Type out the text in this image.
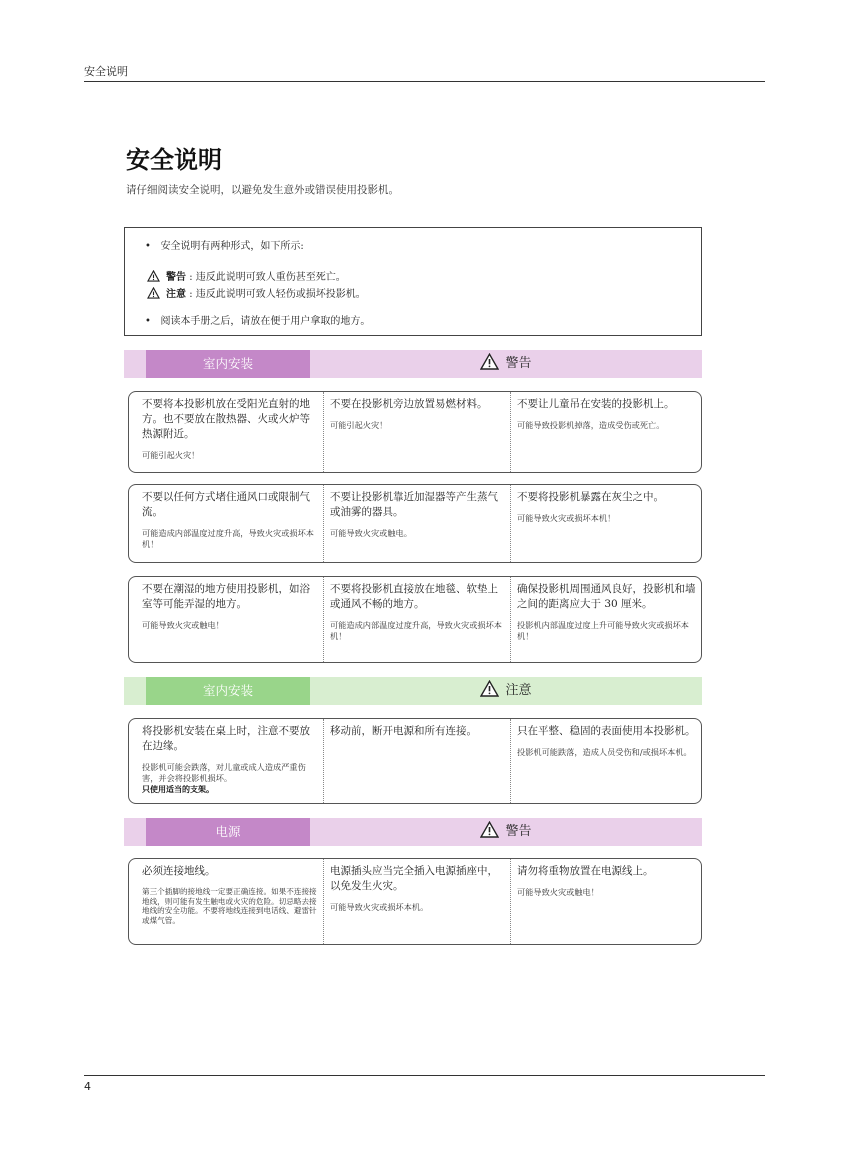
安全说明
安全说明
请仔细阅读安全说明，以避免发生意外或错误使用投影机。
•   安全说明有两种形式，如下所示:
警告 : 违反此说明可致人重伤甚至死亡。
注意 : 违反此说明可致人轻伤或损坏投影机。
•   阅读本手册之后，请放在便于用户拿取的地方。
室内安装	警告
不要将本投影机放在受阳光直射的地方。也不要放在散热器、火或火炉等热源附近。
可能引起火灾！
不要在投影机旁边放置易燃材料。
可能引起火灾！
不要让儿童吊在安装的投影机上。
可能导致投影机掉落，造成受伤或死亡。
不要以任何方式堵住通风口或限制气流。
可能造成内部温度过度升高，导致火灾或损坏本机！
不要让投影机靠近加湿器等产生蒸气或油雾的器具。
可能导致火灾或触电。
不要将投影机暴露在灰尘之中。
可能导致火灾或损坏本机！
不要在潮湿的地方使用投影机，如浴室等可能弄湿的地方。
可能导致火灾或触电！
不要将投影机直接放在地毯、软垫上或通风不畅的地方。
可能造成内部温度过度升高，导致火灾或损坏本机！
确保投影机周围通风良好，投影机和墙之间的距离应大于 30 厘米。
投影机内部温度过度上升可能导致火灾或损坏本机！
室内安装	注意
将投影机安装在桌上时，注意不要放在边缘。
投影机可能会跌落，对儿童或成人造成严重伤害，并会将投影机损坏。
只使用适当的支架。
移动前，断开电源和所有连接。	只在平整、稳固的表面使用本投影机。
投影机可能跌落，造成人员受伤和/或损坏本机。
电源	警告
必须连接地线。
第三个插脚的接地线一定要正确连接。如果不连接接地线，则可能有发生触电或火灾的危险。切忌略去接地线的安全功能。不要将地线连接到电话线、避雷针或煤气管。
电源插头应当完全插入电源插座中，以免发生火灾。
可能导致火灾或损坏本机。
请勿将重物放置在电源线上。
可能导致火灾或触电！
4
